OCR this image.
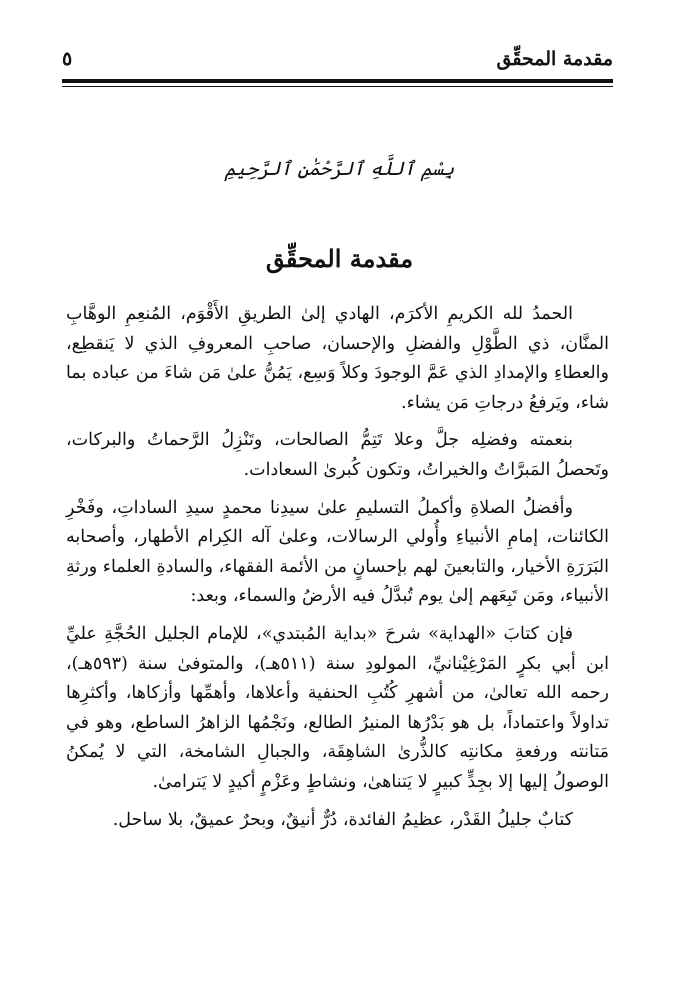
مقدمة المحقِّق
٥
بِسْمِ ٱللَّهِ ٱلرَّحْمَٰنِ ٱلرَّحِيمِ
مقدمة المحقِّق

الحمدُ لله الكريمِ الأكرَم، الهادي إلىٰ الطريقِ الأَقْوَم، المُنعِمِ الوهَّابِ المنَّان، ذي الطَّوْلِ والفضلِ والإحسان، صاحبِ المعروفِ الذي لا يَنقطِع، والعطاءِ والإمدادِ الذي عَمَّ الوجودَ وكلاً وَسِع، يَمُنُّ علىٰ مَن شاءَ من عباده بما شاء، ويَرفعُ درجاتِ مَن يشاء.

بنعمته وفضلِه جلَّ وعلا تَتِمُّ الصالحات، وتَنْزِلُ الرَّحماتُ والبركات، وتَحصلُ المَبرَّاتُ والخيراتُ، وتكون كُبرىٰ السعادات.

وأفضلُ الصلاةِ وأكملُ التسليمِ علىٰ سيدِنا محمدٍ سيدِ الساداتِ، وفَخْرِ الكائنات، إمامِ الأنبياءِ وأُولي الرسالات، وعلىٰ آله الكِرام الأطهار، وأصحابه البَرَرَةِ الأخيار، والتابعينَ لهم بإحسانٍ من الأئمة الفقهاء، والسادةِ العلماء ورثةِ الأنبياء، ومَن تَبِعَهم إلىٰ يوم تُبدَّلُ فيه الأرضُ والسماء، وبعد:

فإن كتابَ «الهداية» شرحَ «بداية المُبتدي»، للإمام الجليل الحُجَّةِ عليِّ ابن أبي بكرٍ المَرْغِيْنانيِّ، المولودِ سنة (٥١١هـ)، والمتوفىٰ سنة (٥٩٣هـ)، رحمه الله تعالىٰ، من أشهرِ كُتُبِ الحنفية وأعلاها، وأهمِّها وأزكاها، وأكثرِها تداولاً واعتماداً، بل هو بَدْرُها المنيرُ الطالع، ونَجْمُها الزاهرُ الساطع، وهو في مَتانته ورفعةِ مكانتِه كالذُّرىٰ الشاهِقَة، والجبالِ الشامخة، التي لا يُمكنُ الوصولُ إليها إلا بجِدٍّ كبيرٍ لا يَتناهىٰ، ونشاطٍ وعَزْمٍ أكيدٍ لا يَترامىٰ.

كتابٌ جليلُ القَدْر، عظيمُ الفائدة، دُرٌّ أنيقٌ، وبحرٌ عميقٌ، بلا ساحل.
